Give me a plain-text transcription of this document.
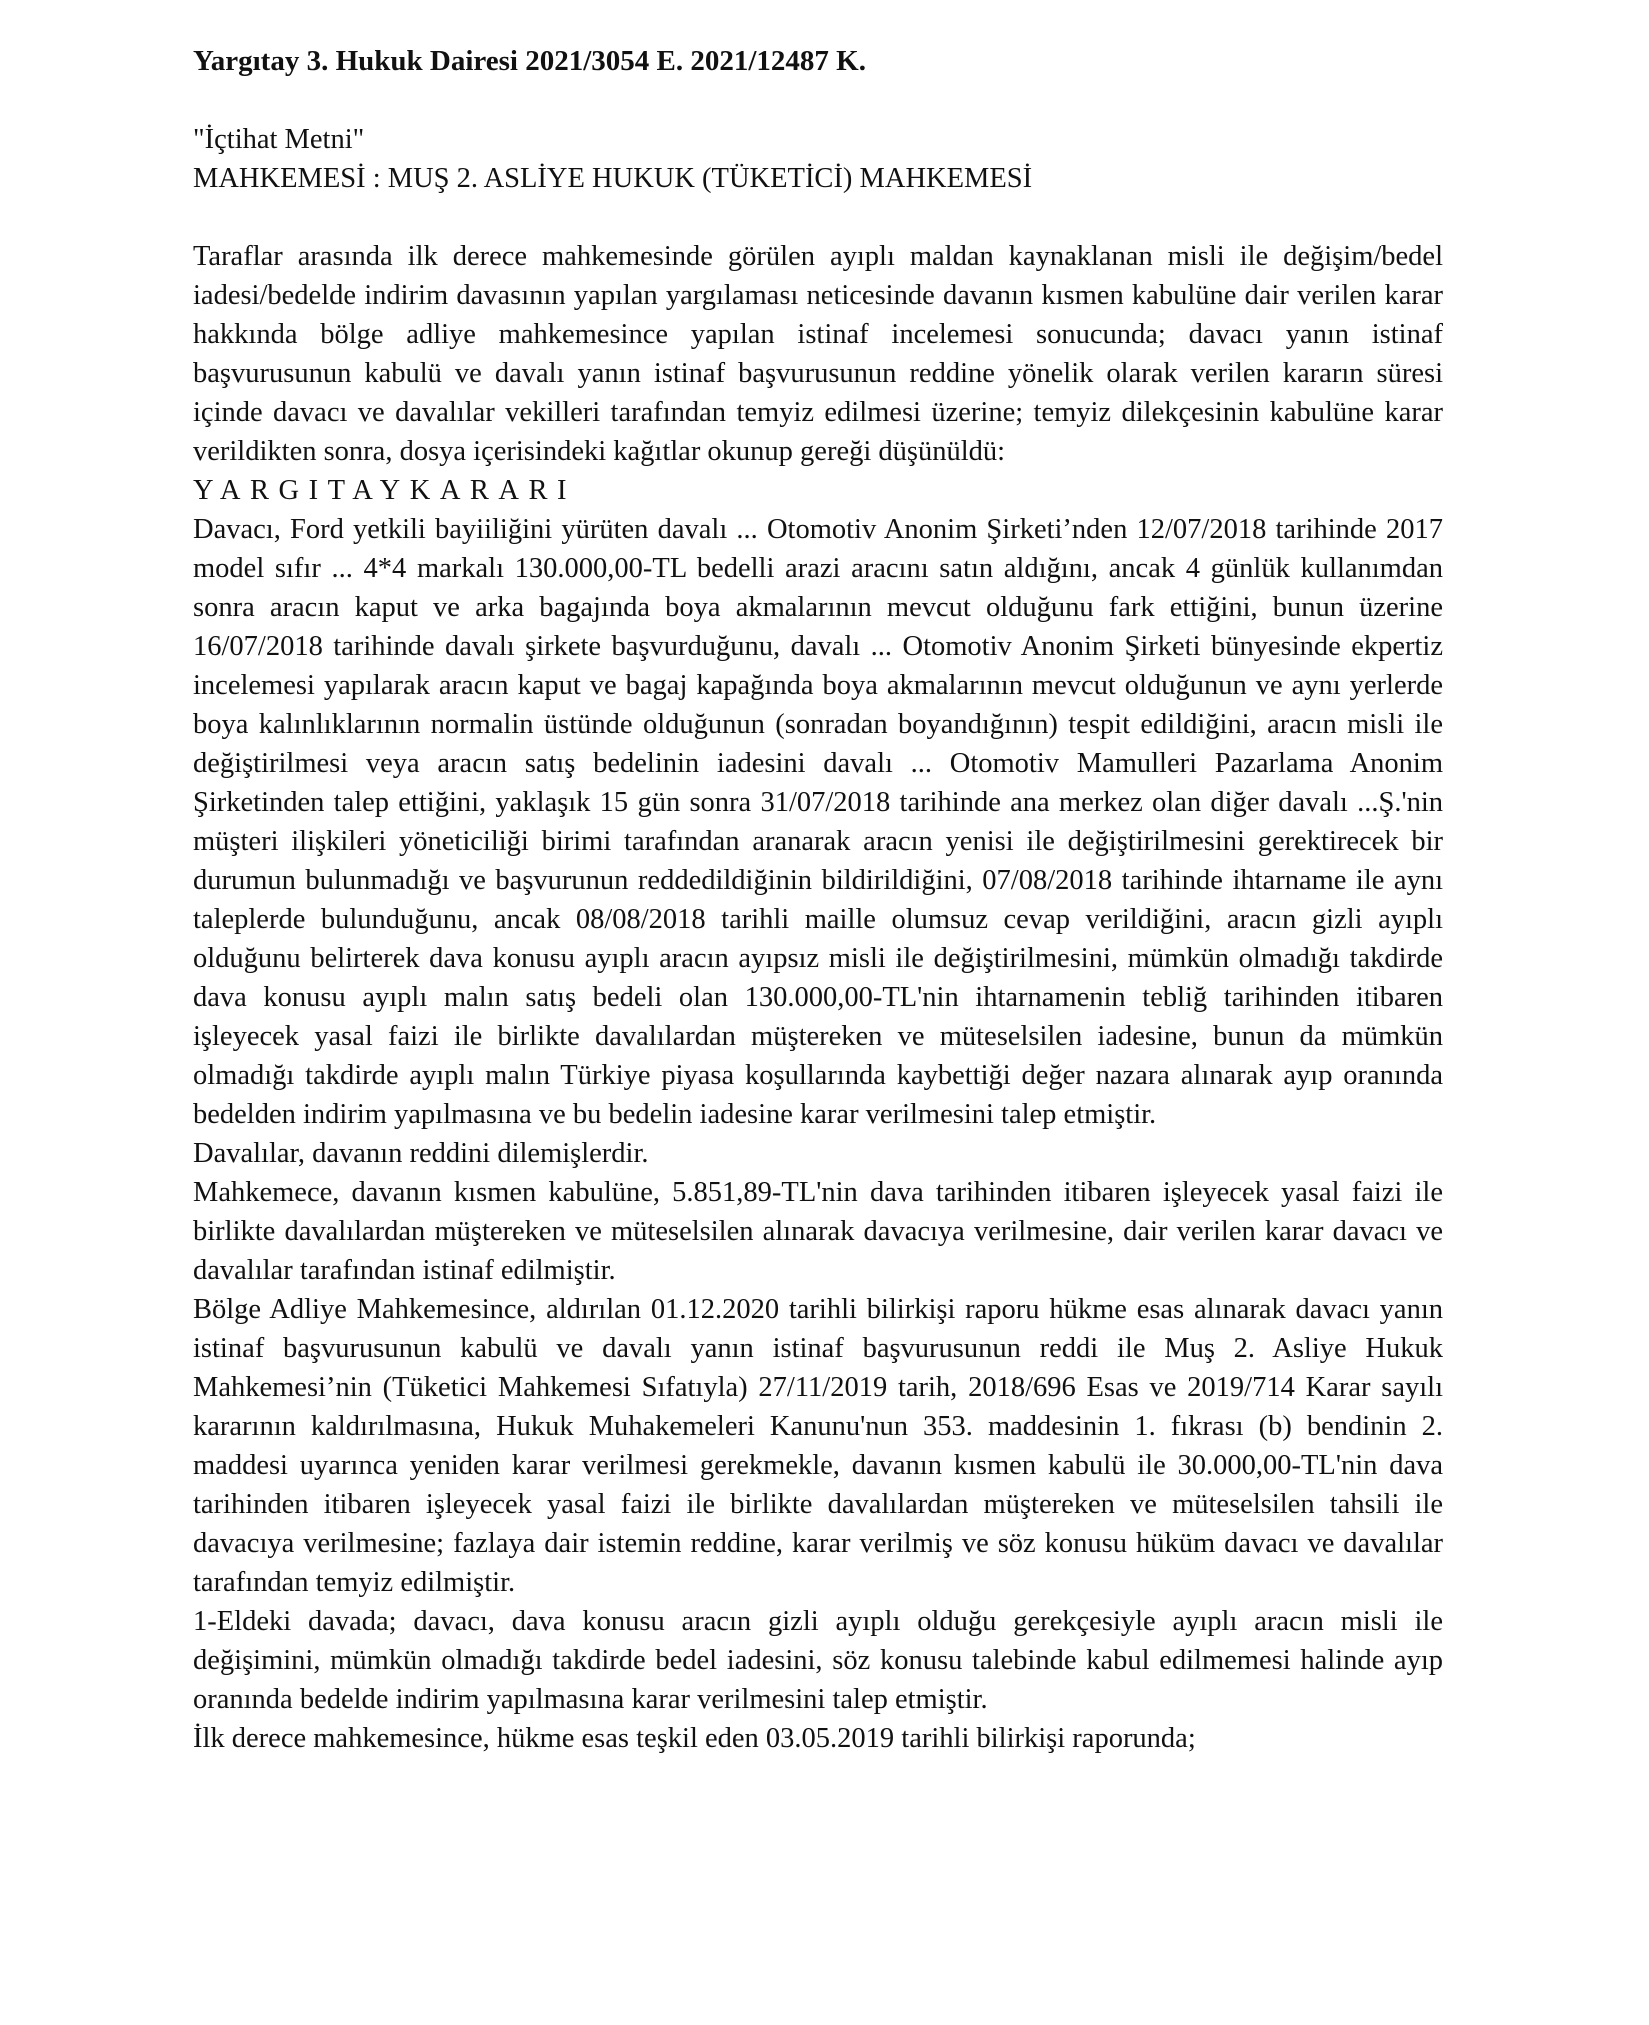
Yargıtay 3. Hukuk Dairesi 2021/3054 E. 2021/12487 K.
"İçtihat Metni"
MAHKEMESİ : MUŞ 2. ASLİYE HUKUK (TÜKETİCİ) MAHKEMESİ

Taraflar arasında ilk derece mahkemesinde görülen ayıplı maldan kaynaklanan misli ile değişim/bedel iadesi/bedelde indirim davasının yapılan yargılaması neticesinde davanın kısmen kabulüne dair verilen karar hakkında bölge adliye mahkemesince yapılan istinaf incelemesi sonucunda; davacı yanın istinaf başvurusunun kabulü ve davalı yanın istinaf başvurusunun reddine yönelik olarak verilen kararın süresi içinde davacı ve davalılar vekilleri tarafından temyiz edilmesi üzerine; temyiz dilekçesinin kabulüne karar verildikten sonra, dosya içerisindeki kağıtlar okunup gereği düşünüldü:

YARGITAYKARARI

Davacı, Ford yetkili bayiiliğini yürüten davalı ... Otomotiv Anonim Şirketi’nden 12/07/2018 tarihinde 2017 model sıfır ... 4*4 markalı 130.000,00-TL bedelli arazi aracını satın aldığını, ancak 4 günlük kullanımdan sonra aracın kaput ve arka bagajında boya akmalarının mevcut olduğunu fark ettiğini, bunun üzerine 16/07/2018 tarihinde davalı şirkete başvurduğunu, davalı ... Otomotiv Anonim Şirketi bünyesinde ekpertiz incelemesi yapılarak aracın kaput ve bagaj kapağında boya akmalarının mevcut olduğunun ve aynı yerlerde boya kalınlıklarının normalin üstünde olduğunun (sonradan boyandığının) tespit edildiğini, aracın misli ile değiştirilmesi veya aracın satış bedelinin iadesini davalı ... Otomotiv Mamulleri Pazarlama Anonim Şirketinden talep ettiğini, yaklaşık 15 gün sonra 31/07/2018 tarihinde ana merkez olan diğer davalı ...Ş.'nin müşteri ilişkileri yöneticiliği birimi tarafından aranarak aracın yenisi ile değiştirilmesini gerektirecek bir durumun bulunmadığı ve başvurunun reddedildiğinin bildirildiğini, 07/08/2018 tarihinde ihtarname ile aynı taleplerde bulunduğunu, ancak 08/08/2018 tarihli maille olumsuz cevap verildiğini, aracın gizli ayıplı olduğunu belirterek dava konusu ayıplı aracın ayıpsız misli ile değiştirilmesini, mümkün olmadığı takdirde dava konusu ayıplı malın satış bedeli olan 130.000,00-TL'nin ihtarnamenin tebliğ tarihinden itibaren işleyecek yasal faizi ile birlikte davalılardan müştereken ve müteselsilen iadesine, bunun da mümkün olmadığı takdirde ayıplı malın Türkiye piyasa koşullarında kaybettiği değer nazara alınarak ayıp oranında bedelden indirim yapılmasına ve bu bedelin iadesine karar verilmesini talep etmiştir.

Davalılar, davanın reddini dilemişlerdir.

Mahkemece, davanın kısmen kabulüne, 5.851,89-TL'nin dava tarihinden itibaren işleyecek yasal faizi ile birlikte davalılardan müştereken ve müteselsilen alınarak davacıya verilmesine, dair verilen karar davacı ve davalılar tarafından istinaf edilmiştir.

Bölge Adliye Mahkemesince, aldırılan 01.12.2020 tarihli bilirkişi raporu hükme esas alınarak davacı yanın istinaf başvurusunun kabulü ve davalı yanın istinaf başvurusunun reddi ile Muş 2. Asliye Hukuk Mahkemesi’nin (Tüketici Mahkemesi Sıfatıyla) 27/11/2019 tarih, 2018/696 Esas ve 2019/714 Karar sayılı kararının kaldırılmasına, Hukuk Muhakemeleri Kanunu'nun 353. maddesinin 1. fıkrası (b) bendinin 2. maddesi uyarınca yeniden karar verilmesi gerekmekle, davanın kısmen kabulü ile 30.000,00-TL'nin dava tarihinden itibaren işleyecek yasal faizi ile birlikte davalılardan müştereken ve müteselsilen tahsili ile davacıya verilmesine; fazlaya dair istemin reddine, karar verilmiş ve söz konusu hüküm davacı ve davalılar tarafından temyiz edilmiştir.

1-Eldeki davada; davacı, dava konusu aracın gizli ayıplı olduğu gerekçesiyle ayıplı aracın misli ile değişimini, mümkün olmadığı takdirde bedel iadesini, söz konusu talebinde kabul edilmemesi halinde ayıp oranında bedelde indirim yapılmasına karar verilmesini talep etmiştir.

İlk derece mahkemesince, hükme esas teşkil eden 03.05.2019 tarihli bilirkişi raporunda;
